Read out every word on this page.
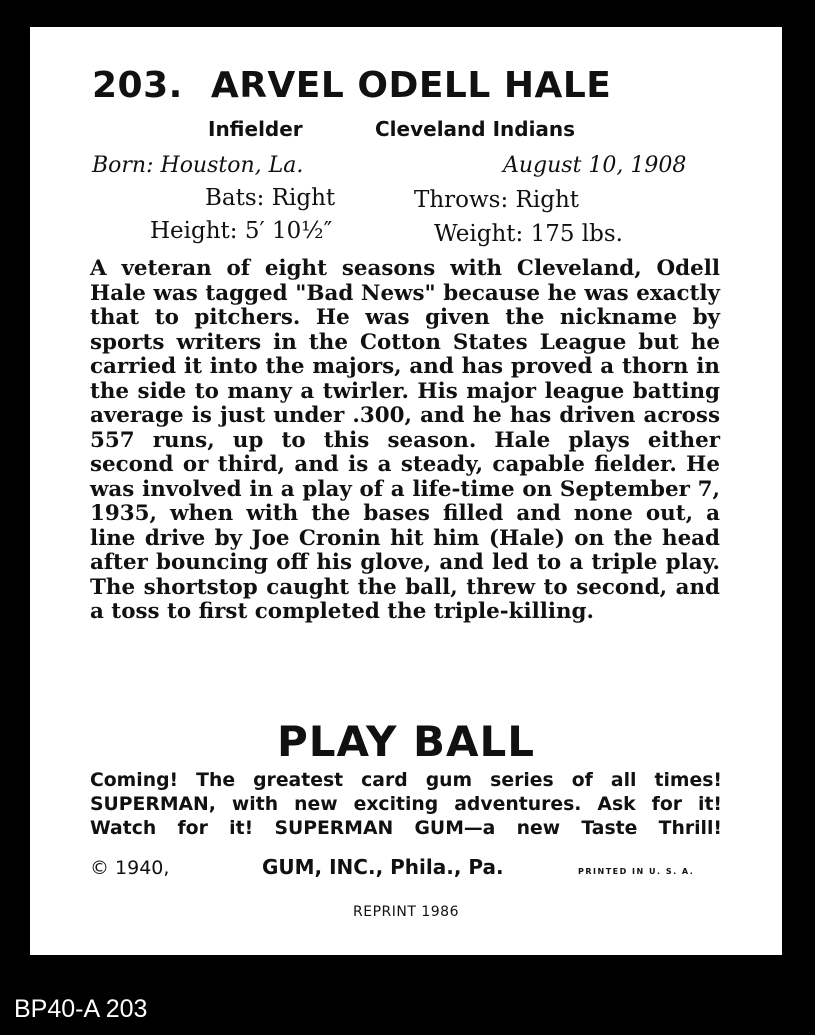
203. ARVEL ODELL HALE
Infielder	Cleveland Indians
Born: Houston, La.	August 10, 1908
Bats: Right	Throws: Right
Height: 5′ 10½″	Weight: 175 lbs.
A veteran of eight seasons with Cleveland, Odell Hale was tagged "Bad News" because he was exactly that to pitchers. He was given the nickname by sports writers in the Cotton States League but he carried it into the majors, and has proved a thorn in the side to many a twirler. His major league batting average is just under .300, and he has driven across 557 runs, up to this season. Hale plays either second or third, and is a steady, capable fielder. He was involved in a play of a life-time on September 7, 1935, when with the bases filled and none out, a line drive by Joe Cronin hit him (Hale) on the head after bouncing off his glove, and led to a triple play. The shortstop caught the ball, threw to second, and a toss to first completed the triple-killing.
PLAY BALL
Coming! The greatest card gum series of all times!
SUPERMAN, with new exciting adventures. Ask for it!
Watch for it! SUPERMAN GUM—a new Taste Thrill!
© 1940,	GUM, INC., Phila., Pa.	PRINTED IN U. S. A.
REPRINT 1986
BP40-A 203
